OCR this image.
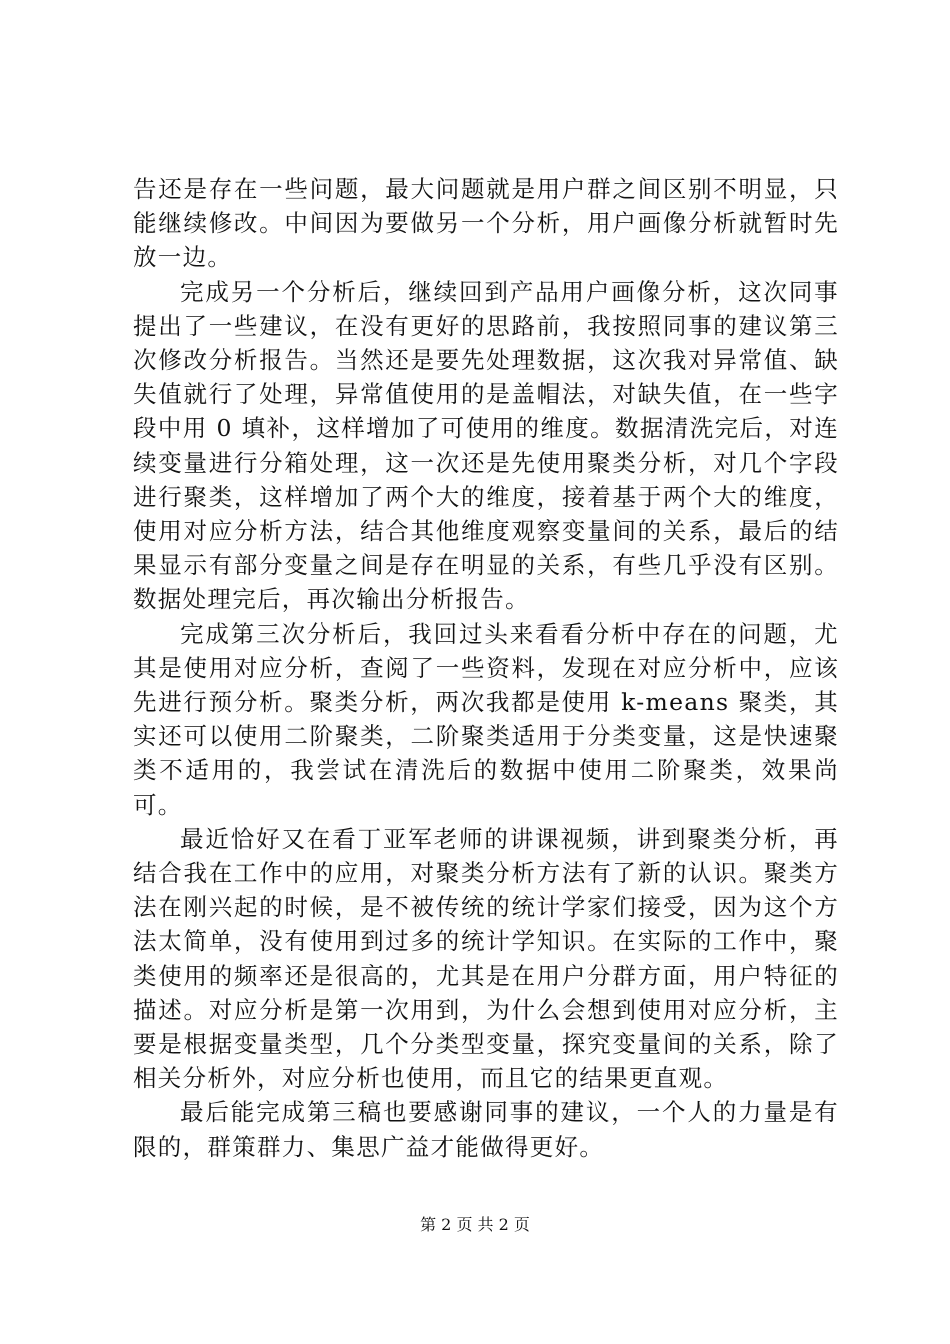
告还是存在一些问题，最大问题就是用户群之间区别不明显，只能继续修改。中间因为要做另一个分析，用户画像分析就暂时先放一边。

完成另一个分析后，继续回到产品用户画像分析，这次同事提出了一些建议，在没有更好的思路前，我按照同事的建议第三次修改分析报告。当然还是要先处理数据，这次我对异常值、缺失值就行了处理，异常值使用的是盖帽法，对缺失值，在一些字段中用 0 填补，这样增加了可使用的维度。数据清洗完后，对连续变量进行分箱处理，这一次还是先使用聚类分析，对几个字段进行聚类，这样增加了两个大的维度，接着基于两个大的维度，使用对应分析方法，结合其他维度观察变量间的关系，最后的结果显示有部分变量之间是存在明显的关系，有些几乎没有区别。数据处理完后，再次输出分析报告。

完成第三次分析后，我回过头来看看分析中存在的问题，尤其是使用对应分析，查阅了一些资料，发现在对应分析中，应该先进行预分析。聚类分析，两次我都是使用 k-means 聚类，其实还可以使用二阶聚类，二阶聚类适用于分类变量，这是快速聚类不适用的，我尝试在清洗后的数据中使用二阶聚类，效果尚可。

最近恰好又在看丁亚军老师的讲课视频，讲到聚类分析，再结合我在工作中的应用，对聚类分析方法有了新的认识。聚类方法在刚兴起的时候，是不被传统的统计学家们接受，因为这个方法太简单，没有使用到过多的统计学知识。在实际的工作中，聚类使用的频率还是很高的，尤其是在用户分群方面，用户特征的描述。对应分析是第一次用到，为什么会想到使用对应分析，主要是根据变量类型，几个分类型变量，探究变量间的关系，除了相关分析外，对应分析也使用，而且它的结果更直观。

最后能完成第三稿也要感谢同事的建议，一个人的力量是有限的，群策群力、集思广益才能做得更好。

第 2 页 共 2 页
